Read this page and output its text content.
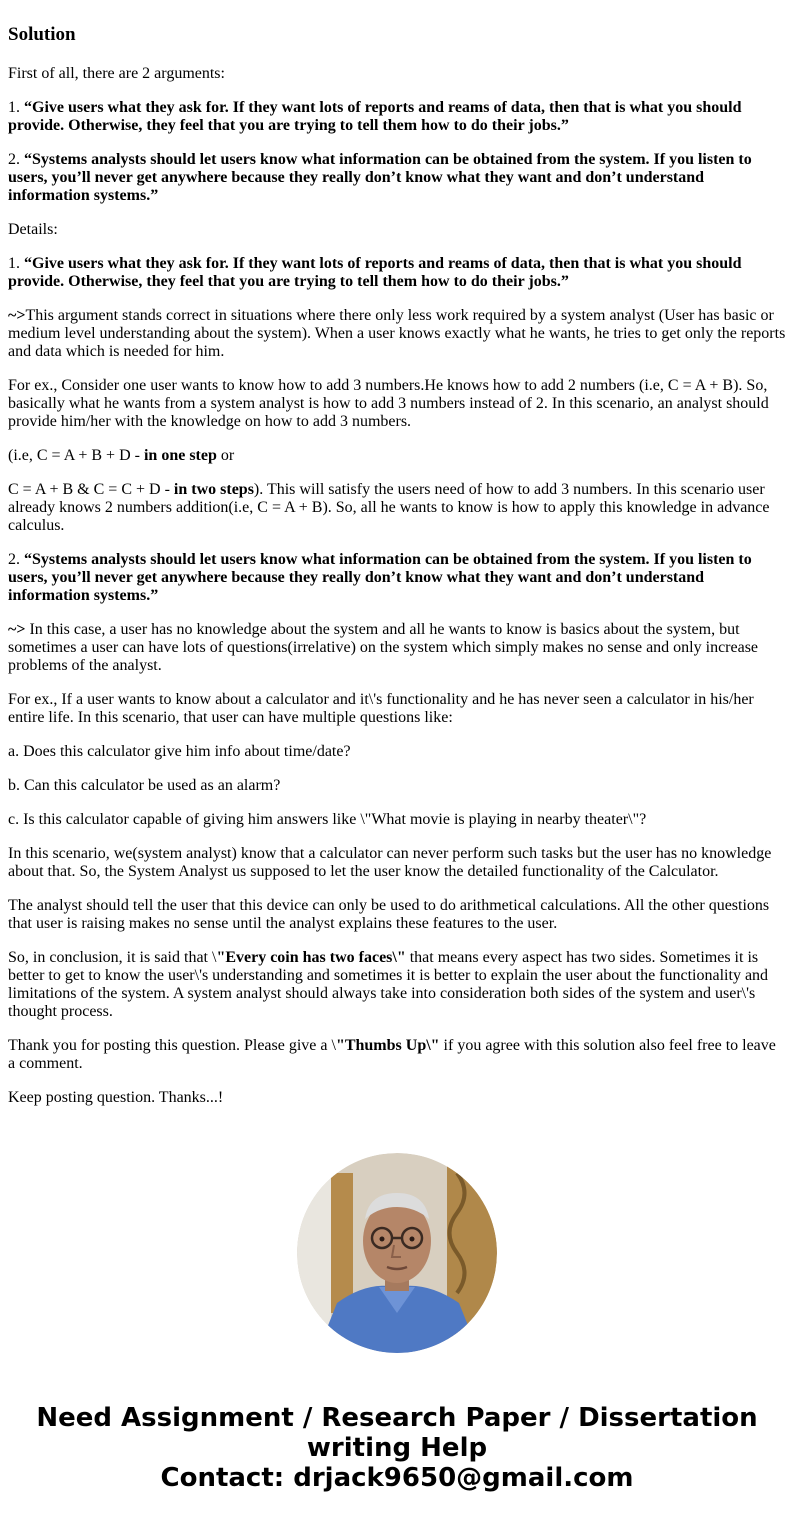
Solution

First of all, there are 2 arguments:

1. “Give users what they ask for. If they want lots of reports and reams of data, then that is what you should provide. Otherwise, they feel that you are trying to tell them how to do their jobs.”

2. “Systems analysts should let users know what information can be obtained from the system. If you listen to users, you’ll never get anywhere because they really don’t know what they want and don’t understand information systems.”

Details:

1. “Give users what they ask for. If they want lots of reports and reams of data, then that is what you should provide. Otherwise, they feel that you are trying to tell them how to do their jobs.”

~>This argument stands correct in situations where there only less work required by a system analyst (User has basic or medium level understanding about the system). When a user knows exactly what he wants, he tries to get only the reports and data which is needed for him.

For ex., Consider one user wants to know how to add 3 numbers.He knows how to add 2 numbers (i.e, C = A + B). So, basically what he wants from a system analyst is how to add 3 numbers instead of 2. In this scenario, an analyst should provide him/her with the knowledge on how to add 3 numbers.

(i.e, C = A + B + D - in one step or

C = A + B & C = C + D - in two steps). This will satisfy the users need of how to add 3 numbers. In this scenario user already knows 2 numbers addition(i.e, C = A + B). So, all he wants to know is how to apply this knowledge in advance calculus.

2. “Systems analysts should let users know what information can be obtained from the system. If you listen to users, you’ll never get anywhere because they really don’t know what they want and don’t understand information systems.”

~> In this case, a user has no knowledge about the system and all he wants to know is basics about the system, but sometimes a user can have lots of questions(irrelative) on the system which simply makes no sense and only increase problems of the analyst.

For ex., If a user wants to know about a calculator and it\'s functionality and he has never seen a calculator in his/her entire life. In this scenario, that user can have multiple questions like:

a. Does this calculator give him info about time/date?

b. Can this calculator be used as an alarm?

c. Is this calculator capable of giving him answers like \"What movie is playing in nearby theater\"?

In this scenario, we(system analyst) know that a calculator can never perform such tasks but the user has no knowledge about that. So, the System Analyst us supposed to let the user know the detailed functionality of the Calculator.

The analyst should tell the user that this device can only be used to do arithmetical calculations. All the other questions that user is raising makes no sense until the analyst explains these features to the user.

So, in conclusion, it is said that \"Every coin has two faces\" that means every aspect has two sides. Sometimes it is better to get to know the user\'s understanding and sometimes it is better to explain the user about the functionality and limitations of the system. A system analyst should always take into consideration both sides of the system and user\'s thought process.

Thank you for posting this question. Please give a \"Thumbs Up\" if you agree with this solution also feel free to leave a comment.

Keep posting question. Thanks...!

Need Assignment / Research Paper / Dissertation writing Help
Contact: drjack9650@gmail.com
